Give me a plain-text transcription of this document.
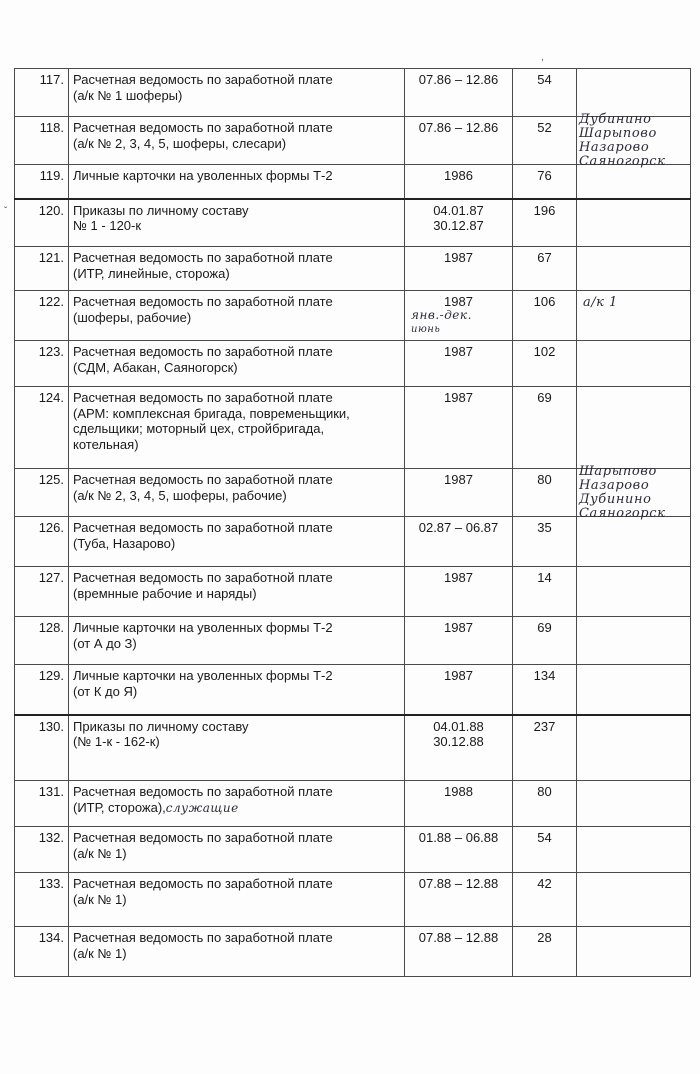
,
ˇ
117.	Расчетная ведомость по заработной плате
(а/к № 1 шоферы)	07.86 – 12.86	54	
118.	Расчетная ведомость по заработной плате
(а/к № 2, 3, 4, 5, шоферы, слесари)	07.86 – 12.86	52	Дубинино
Шарыпово
Назарово
Саяногорск

119.	Личные карточки на уволенных формы Т-2	1986	76	
120.	Приказы по личному составу
№ 1 - 120-к	04.01.87
30.12.87	196	
121.	Расчетная ведомость по заработной плате
(ИТР, линейные, сторожа)	1987	67	
122.	Расчетная ведомость по заработной плате
(шоферы, рабочие)	1987
янв.-дек.
июнь	106	а/к 1

123.	Расчетная ведомость по заработной плате
(СДМ, Абакан, Саяногорск)	1987	102	
124.	Расчетная ведомость по заработной плате
(АРМ: комплексная бригада, повременьщики,
сдельщики; моторный цех, стройбригада,
котельная)	1987	69	
125.	Расчетная ведомость по заработной плате
(а/к № 2, 3, 4, 5, шоферы, рабочие)	1987	80	Шарыпово
Назарово
Дубинино
Саяногорск

126.	Расчетная ведомость по заработной плате
(Туба, Назарово)	02.87 – 06.87	35	
127.	Расчетная ведомость по заработной плате
(времнные рабочие и наряды)	1987	14	
128.	Личные карточки на уволенных формы Т-2
(от А до З)	1987	69	
129.	Личные карточки на уволенных формы Т-2
(от К до Я)	1987	134	
130.	Приказы по личному составу
(№ 1-к - 162-к)	04.01.88
30.12.88	237	
131.	Расчетная ведомость по заработной плате
(ИТР, сторожа),служащие	1988	80	
132.	Расчетная ведомость по заработной плате
(а/к № 1)	01.88 – 06.88	54	
133.	Расчетная ведомость по заработной плате
(а/к № 1)	07.88 – 12.88	42	
134.	Расчетная ведомость по заработной плате
(а/к № 1)	07.88 – 12.88	28	
